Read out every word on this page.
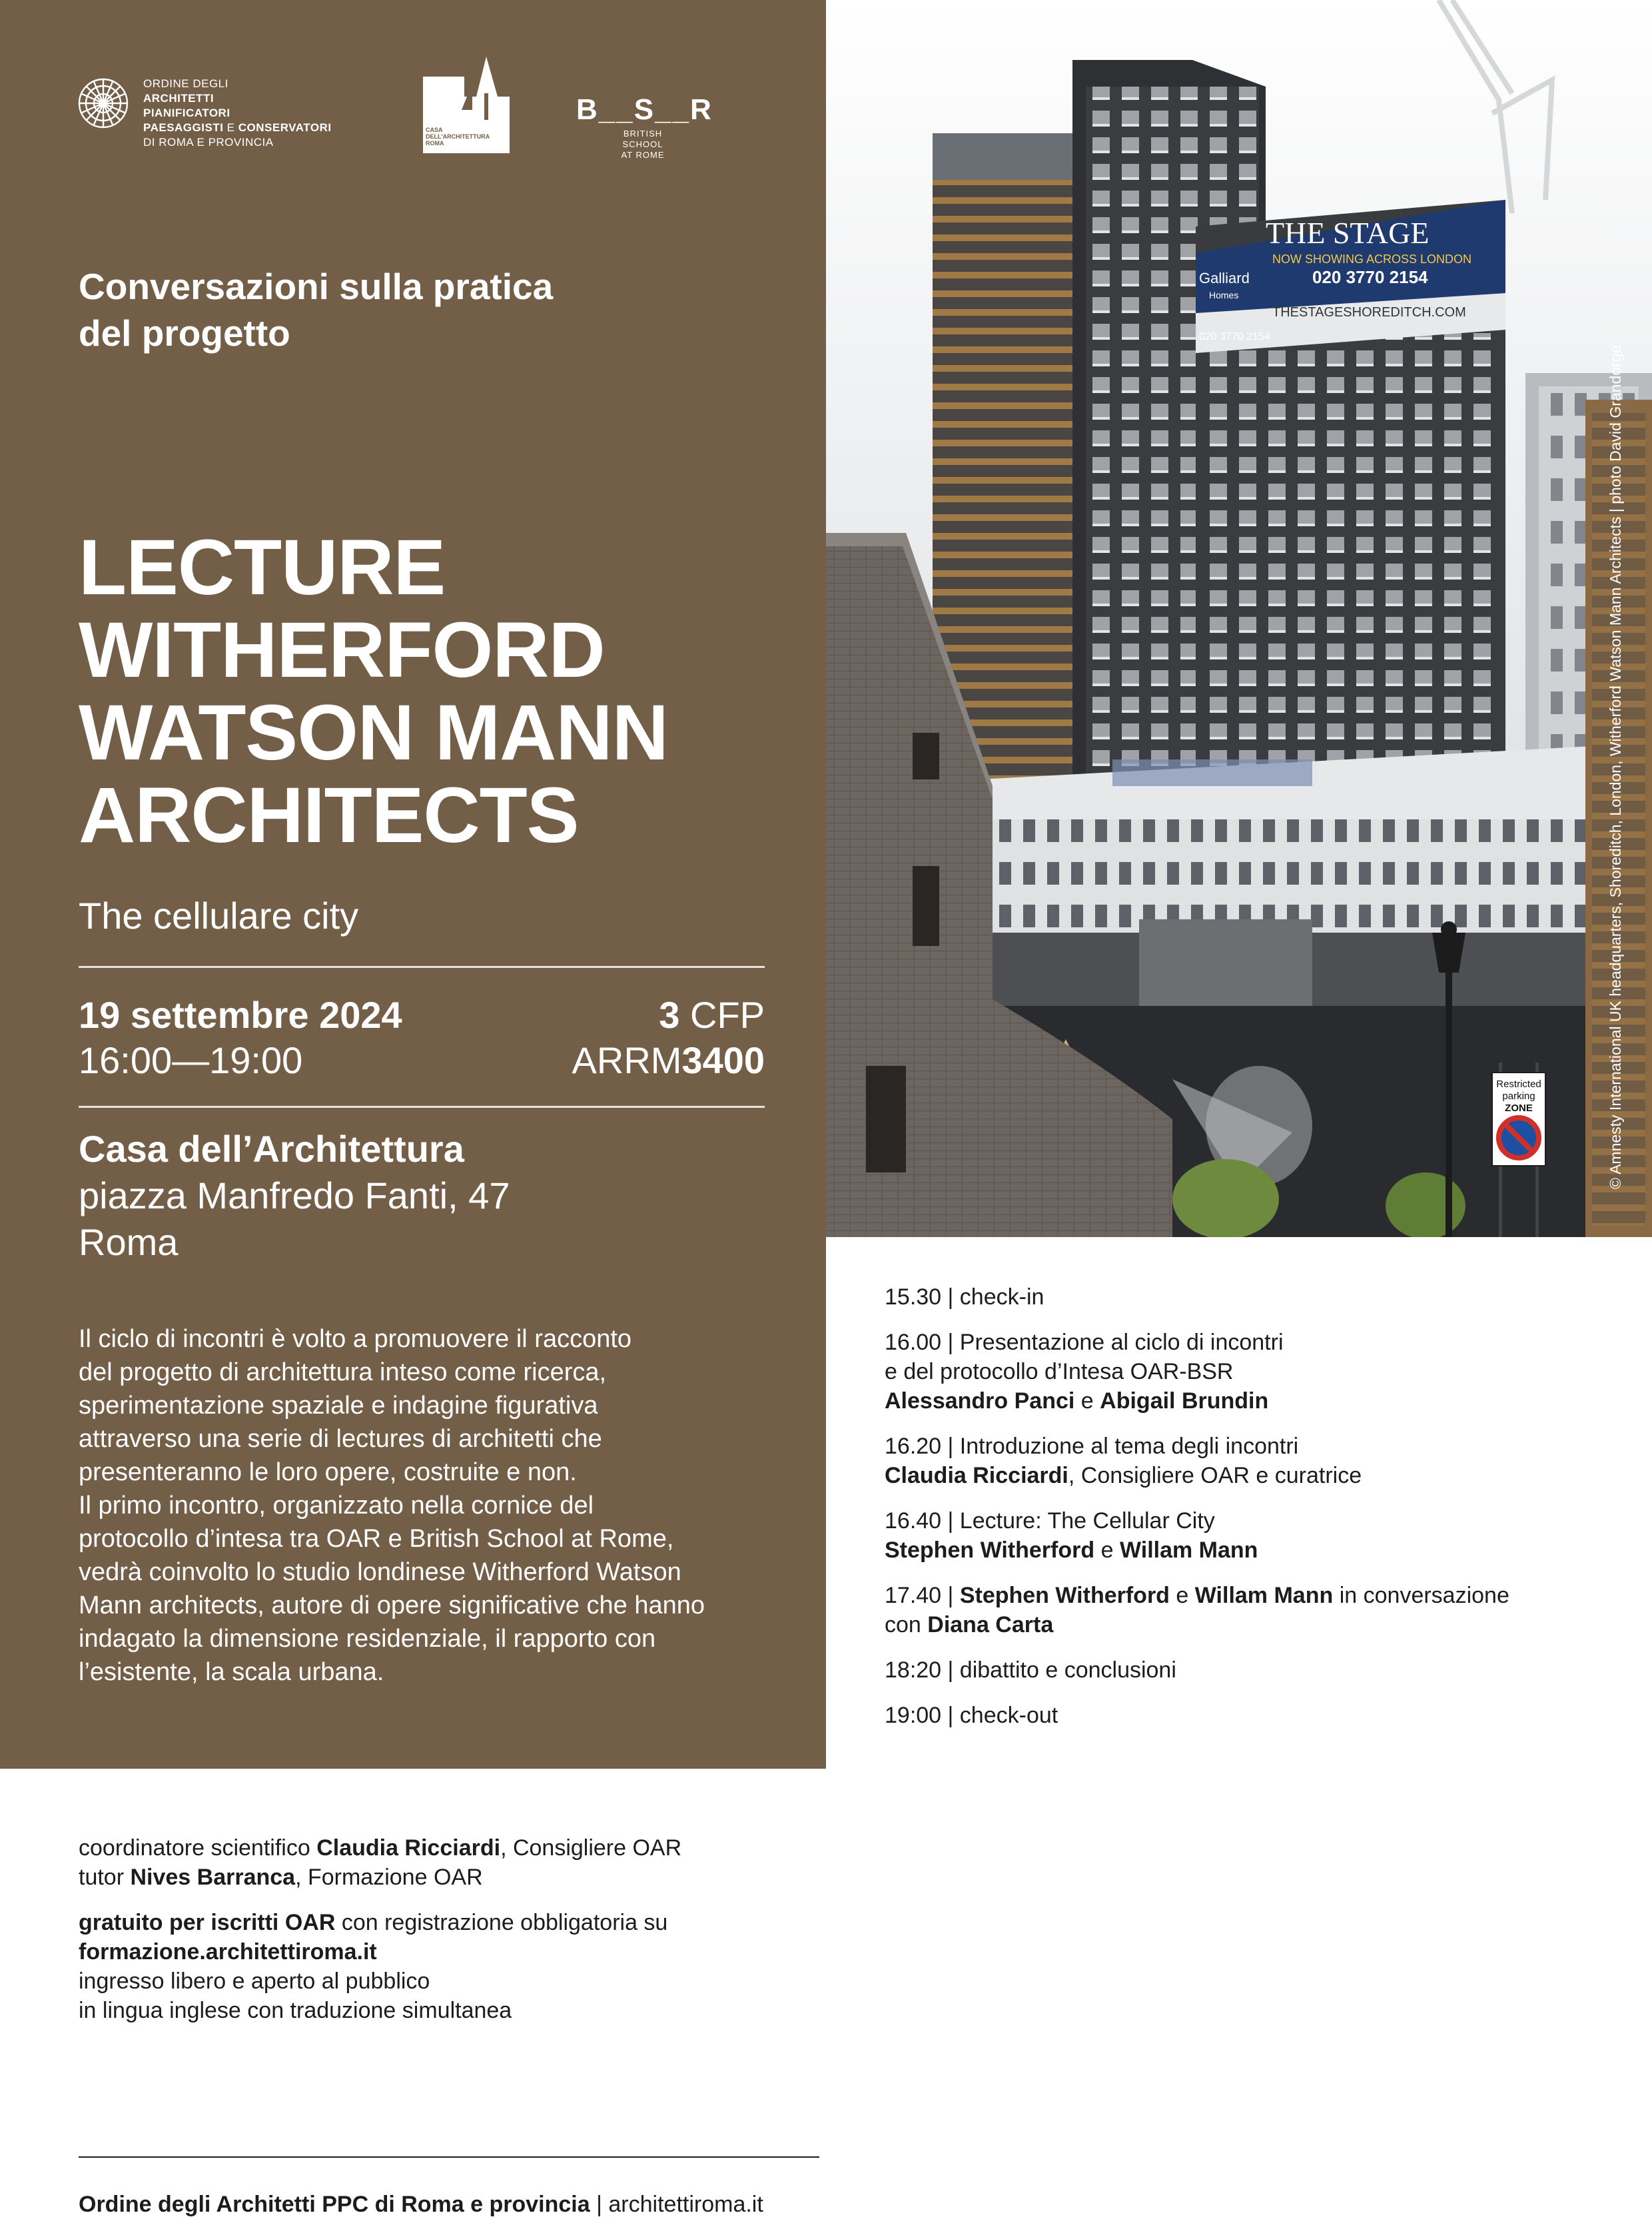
ORDINE DEGLI
ARCHITETTI
PIANIFICATORI
PAESAGGISTI E CONSERVATORI
DI ROMA E PROVINCIA
CASA
DELL'ARCHITETTURA
ROMA
B__S__R
BRITISH SCHOOL
AT ROME
Conversazioni sulla pratica
del progetto
LECTURE
WITHERFORD
WATSON MANN
ARCHITECTS
The cellulare city
19 settembre 2024
16:00—19:00
3 CFP
ARRM3400
Casa dell’Architettura
piazza Manfredo Fanti, 47
Roma
Il ciclo di incontri è volto a promuovere il racconto
del progetto di architettura inteso come ricerca,
sperimentazione spaziale e indagine figurativa
attraverso una serie di lectures di architetti che
presenteranno le loro opere, costruite e non.
Il primo incontro, organizzato nella cornice del
protocollo d’intesa tra OAR e British School at Rome,
vedrà coinvolto lo studio londinese Witherford Watson
Mann architects, autore di opere significative che hanno
indagato la dimensione residenziale, il rapporto con
l’esistente, la scala urbana.
THE STAGE
NOW SHOWING ACROSS LONDON
020 3770 2154
THESTAGESHOREDITCH.COM
Galliard
Homes
020 3770 2154
Restricted
parking
ZONE	© Amnesty International UK headquarters, Shoreditch, London, Witherford Watson Mann Architects | photo David Grandorge
15.30 | check-in
16.00 | Presentazione al ciclo di incontri
e del protocollo d’Intesa OAR-BSR
Alessandro Panci e Abigail Brundin
16.20 | Introduzione al tema degli incontri
Claudia Ricciardi, Consigliere OAR e curatrice
16.40 | Lecture: The Cellular City
Stephen Witherford e Willam Mann
17.40 | Stephen Witherford e Willam Mann in conversazione
con Diana Carta
18:20 | dibattito e conclusioni
19:00 | check-out
coordinatore scientifico Claudia Ricciardi, Consigliere OAR
tutor Nives Barranca, Formazione OAR
gratuito per iscritti OAR con registrazione obbligatoria su
formazione.architettiroma.it
ingresso libero e aperto al pubblico
in lingua inglese con traduzione simultanea
Ordine degli Architetti PPC di Roma e provincia | architettiroma.it
